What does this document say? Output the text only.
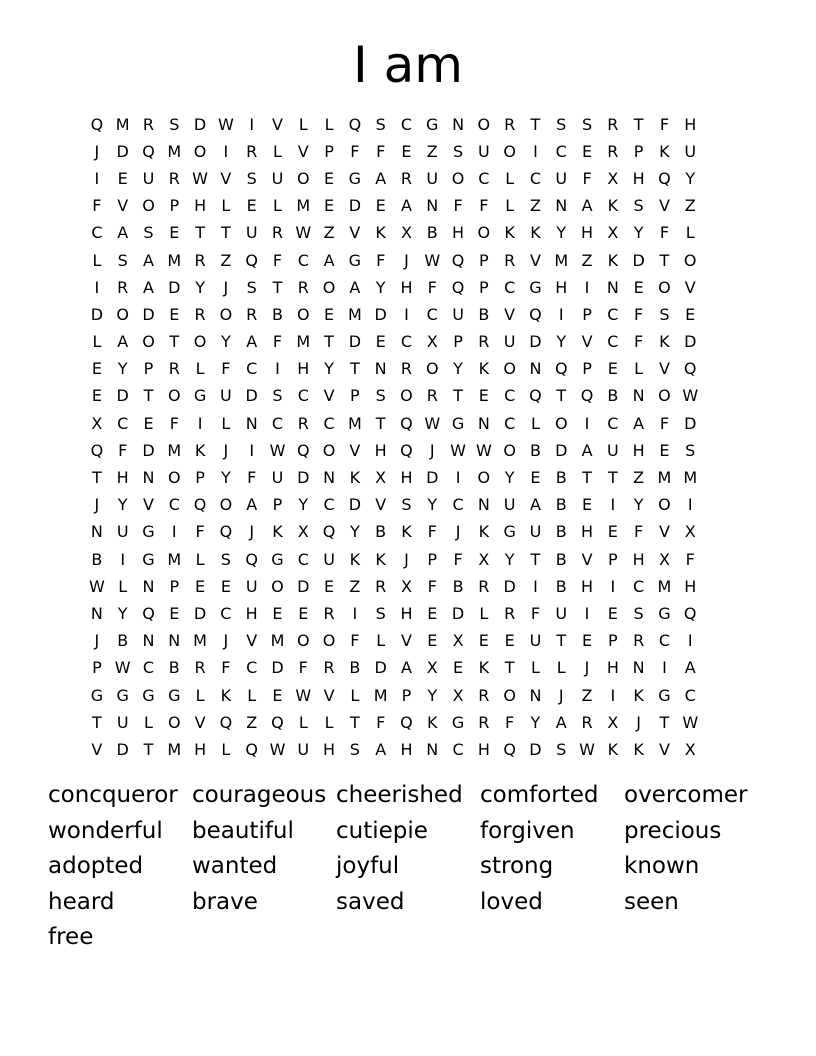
I am
Q M R S D W I	V L	L Q S C G N O R T S S R T	F H
J	D Q M O	I	R L V P	F	F	E Z S U O	I	C E R P K U
I	E U R W V S U O E G A R U O C L C U F X H Q Y
F V O P H L	E	L M E D E A N F	F	L Z N A K S V Z
C A S E T	T U R W Z V K X B H O K K Y H X Y	F	L
L	S A M R Z Q F C A G F	J W Q P R V M Z K D T O
I	R A D Y	J	S T R O A Y H F Q P C G H	I	N E O V
D O D E R O R B O E M D	I	C U B V Q	I	P C F	S E
L A O T O Y A F M T D E C X P R U D Y V C F K D
E Y	P R L	F C	I	H Y	T N R O Y K O N Q P E	L V Q
E D T O G U D S C V P S O R T E C Q T Q B N O W
X C E	F	I	L N C R C M T Q W G N C L O	I	C A F D
Q F D M K	J	I W Q O V H Q	J W W O B D A U H E S
T H N O P	Y	F U D N K X H D	I	O Y E B T	T Z M M
J	Y V C Q O A P	Y C D V S Y C N U A B E	I	Y O	I
N U G	I	F Q	J	K X Q Y B K F	J	K G U B H E	F V X
B	I	G M L	S Q G C U K K	J	P	F X Y	T B V P H X F
W L N P E E U O D E Z R X F B R D	I	B H	I	C M H
N Y Q E D C H E E R	I	S H E D L R F U	I	E S G Q
J	B N N M	J	V M O O F	L V E X E E U T E P R C	I
P W C B R F C D F R B D A X E K T	L	L	J	H N	I	A
G G G G L	K	L	E W V L M P	Y X R O N	J	Z	I	K G C
T U L O V Q Z Q L	L	T	F Q K G R F	Y A R X	J	T W
V D T M H L Q W U H S A H N C H Q D S W K K V X
concqueror courageous cheerished comforted	overcomer
wonderful	beautiful	cutiepie	forgiven	precious
adopted	wanted	joyful	strong	known
heard	brave	saved	loved	seen
free
